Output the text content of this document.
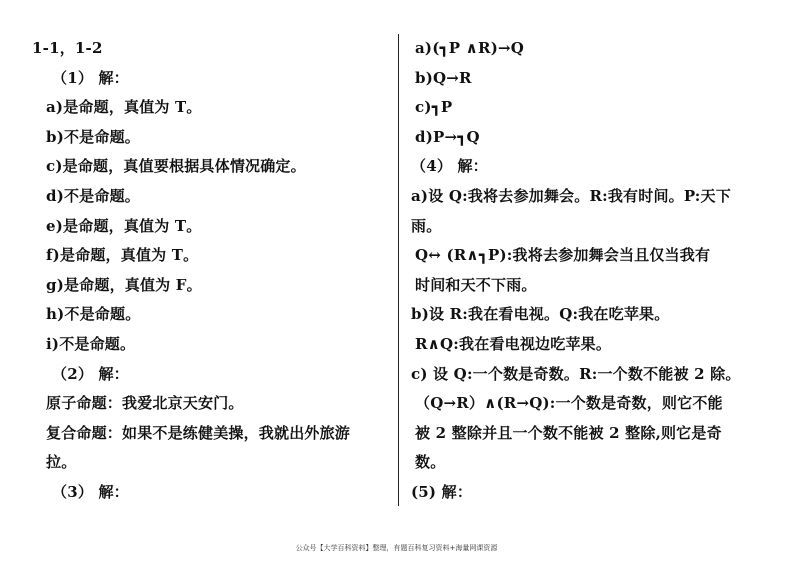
1-1，1-2
（1） 解：
a)是命题，真值为 T。
b)不是命题。
c)是命题，真值要根据具体情况确定。
d)不是命题。
e)是命题，真值为 T。
f)是命题，真值为 T。
g)是命题，真值为 F。
h)不是命题。
i)不是命题。
（2） 解：
原子命题：我爱北京天安门。
复合命题：如果不是练健美操，我就出外旅游
拉。
（3） 解：
a)(┓P ∧R)→Q
b)Q→R
c)┓P
d)P→┓Q
（4） 解：
a)设 Q:我将去参加舞会。R:我有时间。P:天下
雨。
Q↔ (R∧┓P):我将去参加舞会当且仅当我有
时间和天不下雨。
b)设 R:我在看电视。Q:我在吃苹果。
R∧Q:我在看电视边吃苹果。
c) 设 Q:一个数是奇数。R:一个数不能被 2 除。
（Q→R）∧(R→Q):一个数是奇数，则它不能
被 2 整除并且一个数不能被 2 整除,则它是奇
数。
(5) 解：
公众号【大学百科资料】整理，有题百科复习资料+海量网课资源
